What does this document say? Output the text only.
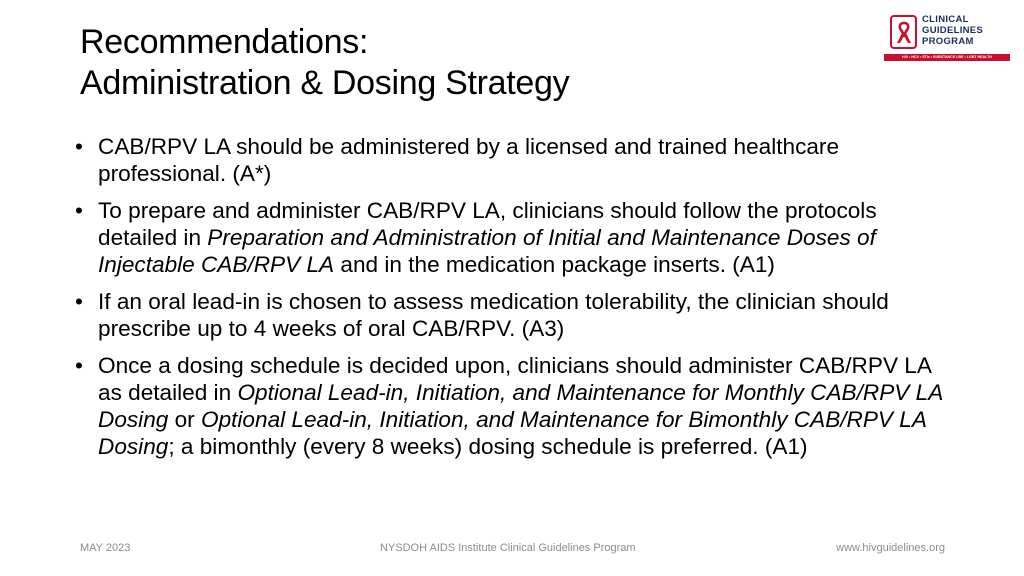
Recommendations:
Administration & Dosing Strategy
CLINICAL
GUIDELINES
PROGRAM
HIV • HCV • STIs • SUBSTANCE USE • LGBT HEALTH
• CAB/RPV LA should be administered by a licensed and trained healthcare professional. (A*)
• To prepare and administer CAB/RPV LA, clinicians should follow the protocols detailed in Preparation and Administration of Initial and Maintenance Doses of Injectable CAB/RPV LA and in the medication package inserts. (A1)
• If an oral lead-in is chosen to assess medication tolerability, the clinician should prescribe up to 4 weeks of oral CAB/RPV. (A3)
• Once a dosing schedule is decided upon, clinicians should administer CAB/RPV LA as detailed in Optional Lead-in, Initiation, and Maintenance for Monthly CAB/RPV LA Dosing or Optional Lead-in, Initiation, and Maintenance for Bimonthly CAB/RPV LA Dosing; a bimonthly (every 8 weeks) dosing schedule is preferred. (A1)
MAY 2023	NYSDOH AIDS Institute Clinical Guidelines Program	www.hivguidelines.org
